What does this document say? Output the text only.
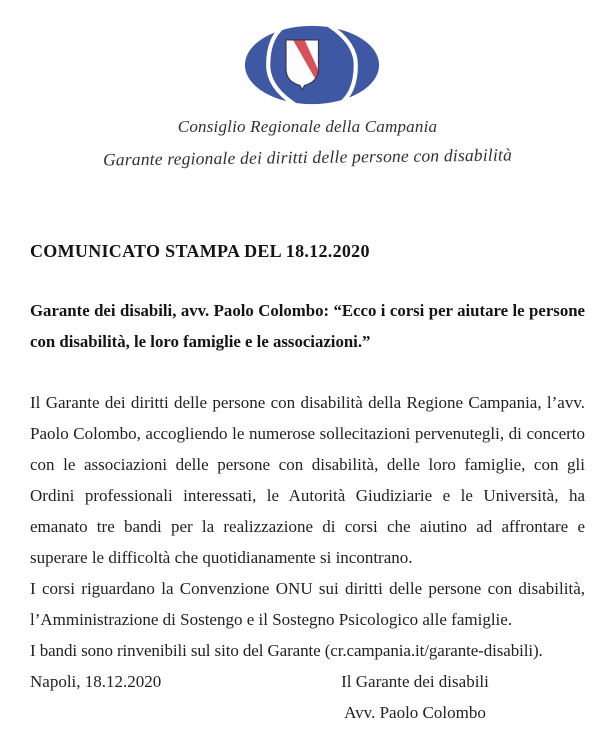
Consiglio Regionale della Campania
Garante regionale dei diritti delle persone con disabilità
COMUNICATO STAMPA DEL 18.12.2020
Garante dei disabili, avv. Paolo Colombo: “Ecco i corsi per aiutare le persone con disabilità, le loro famiglie e le associazioni.”

Il Garante dei diritti delle persone con disabilità della Regione Campania, l’avv. Paolo Colombo, accogliendo le numerose sollecitazioni pervenutegli, di concerto con le associazioni delle persone con disabilità, delle loro famiglie, con gli Ordini professionali interessati, le Autorità Giudiziarie e le Università, ha emanato tre bandi per la realizzazione di corsi che aiutino ad affrontare e superare le difficoltà che quotidianamente si incontrano.

I corsi riguardano la Convenzione ONU sui diritti delle persone con disabilità, l’Amministrazione di Sostengo e il Sostegno Psicologico alle famiglie.

I bandi sono rinvenibili sul sito del Garante (cr.campania.it/garante-disabili).

Napoli, 18.12.2020	Il Garante dei disabili
Avv. Paolo Colombo
